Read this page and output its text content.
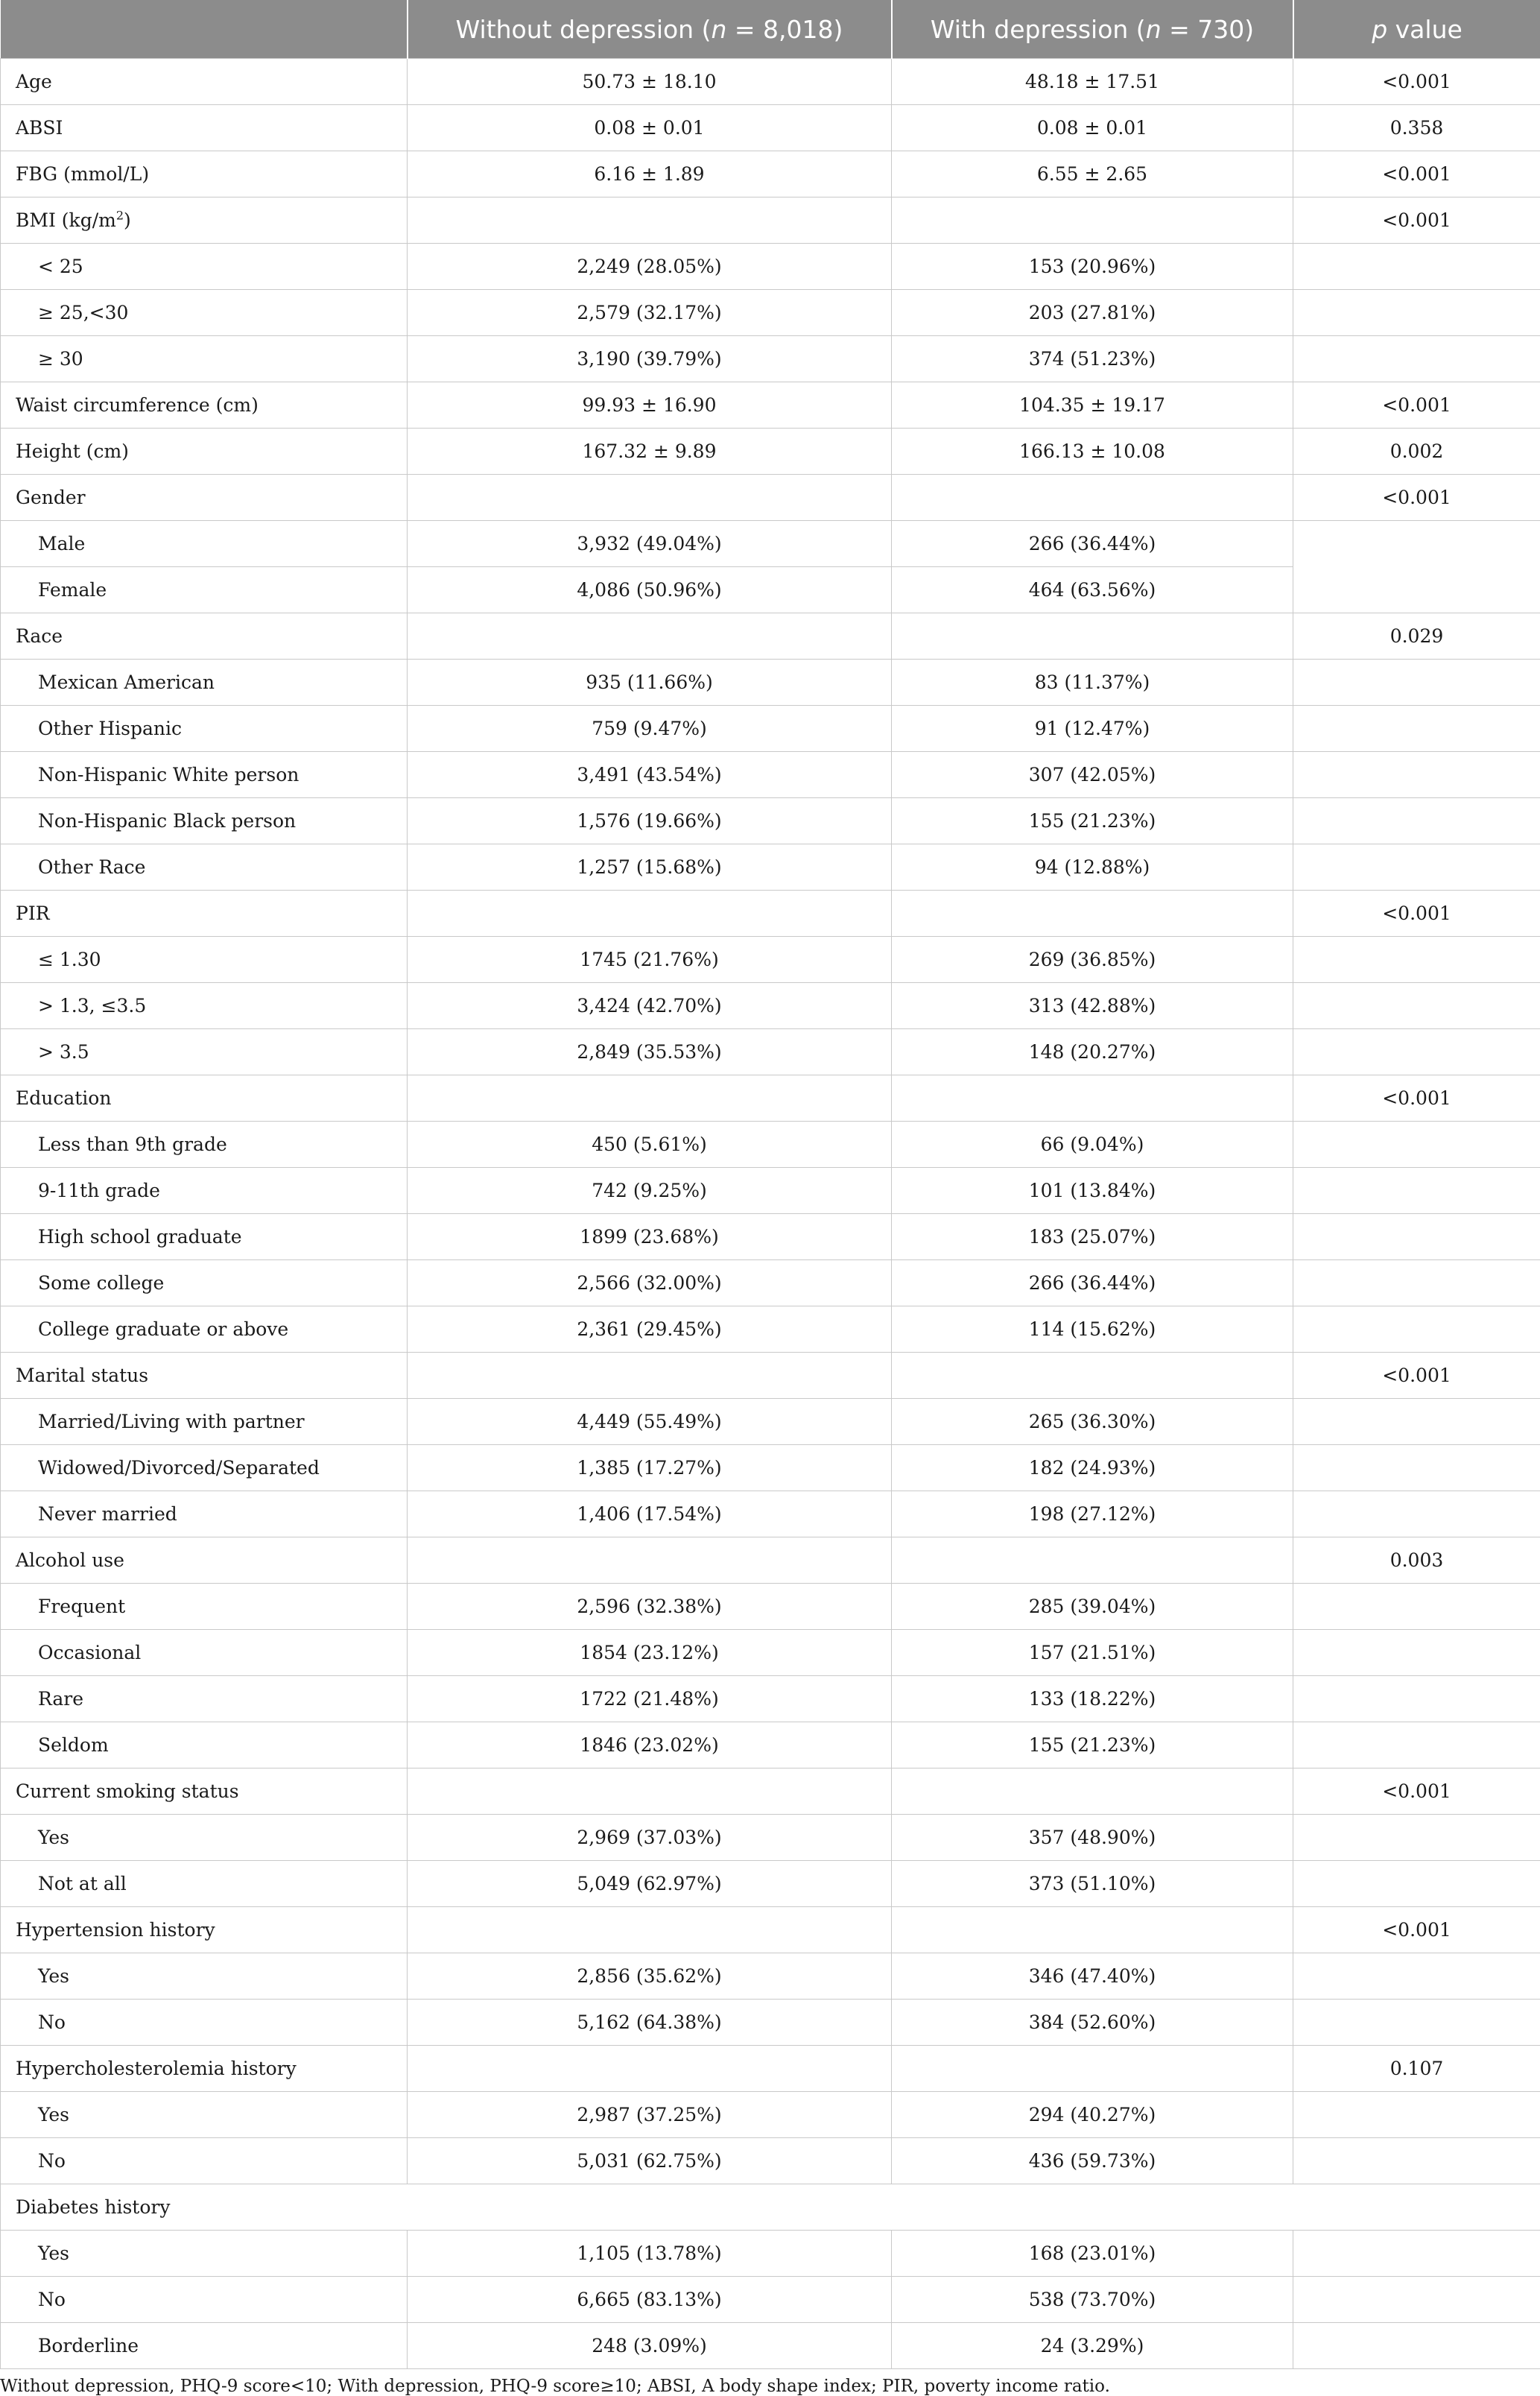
	Without depression (n = 8,018)	With depression (n = 730)	p value
Age	50.73 ± 18.10	48.18 ± 17.51	<0.001
ABSI	0.08 ± 0.01	0.08 ± 0.01	0.358
FBG (mmol/L)	6.16 ± 1.89	6.55 ± 2.65	<0.001
BMI $(kg/m^2)$			<0.001
< 25	2,249 (28.05%)	153 (20.96%)	
≥ 25,<30	2,579 (32.17%)	203 (27.81%)	
≥ 30	3,190 (39.79%)	374 (51.23%)	
Waist circumference (cm)	99.93 ± 16.90	104.35 ± 19.17	<0.001
Height (cm)	167.32 ± 9.89	166.13 ± 10.08	0.002
Gender			<0.001
Male	3,932 (49.04%)	266 (36.44%)	
Female	4,086 (50.96%)	464 (63.56%)	
Race			0.029
Mexican American	935 (11.66%)	83 (11.37%)	
Other Hispanic	759 (9.47%)	91 (12.47%)	
Non-Hispanic White person	3,491 (43.54%)	307 (42.05%)	
Non-Hispanic Black person	1,576 (19.66%)	155 (21.23%)	
Other Race	1,257 (15.68%)	94 (12.88%)	
PIR			<0.001
≤ 1.30	1745 (21.76%)	269 (36.85%)	
> 1.3, ≤3.5	3,424 (42.70%)	313 (42.88%)	
> 3.5	2,849 (35.53%)	148 (20.27%)	
Education			<0.001
Less than 9th grade	450 (5.61%)	66 (9.04%)	
9-11th grade	742 (9.25%)	101 (13.84%)	
High school graduate	1899 (23.68%)	183 (25.07%)	
Some college	2,566 (32.00%)	266 (36.44%)	
College graduate or above	2,361 (29.45%)	114 (15.62%)	
Marital status			<0.001
Married/Living with partner	4,449 (55.49%)	265 (36.30%)	
Widowed/Divorced/Separated	1,385 (17.27%)	182 (24.93%)	
Never married	1,406 (17.54%)	198 (27.12%)	
Alcohol use			0.003
Frequent	2,596 (32.38%)	285 (39.04%)	
Occasional	1854 (23.12%)	157 (21.51%)	
Rare	1722 (21.48%)	133 (18.22%)	
Seldom	1846 (23.02%)	155 (21.23%)	
Current smoking status			<0.001
Yes	2,969 (37.03%)	357 (48.90%)	
Not at all	5,049 (62.97%)	373 (51.10%)	
Hypertension history			<0.001
Yes	2,856 (35.62%)	346 (47.40%)	
No	5,162 (64.38%)	384 (52.60%)	
Hypercholesterolemia history			0.107
Yes	2,987 (37.25%)	294 (40.27%)	
No	5,031 (62.75%)	436 (59.73%)	
Diabetes history			
Yes	1,105 (13.78%)	168 (23.01%)	
No	6,665 (83.13%)	538 (73.70%)	
Borderline	248 (3.09%)	24 (3.29%)	
Without depression, PHQ-9 score<10; With depression, PHQ-9 score≥10; ABSI, A body shape index; PIR, poverty income ratio.
